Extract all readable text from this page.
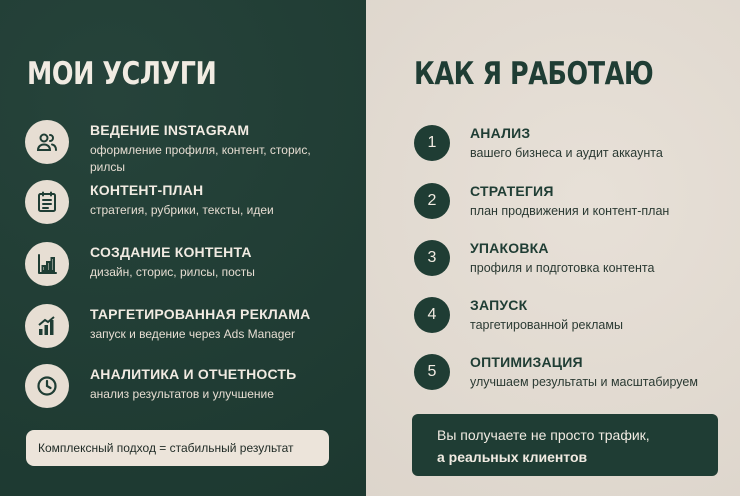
МОИ УСЛУГИ
ВЕДЕНИЕ INSTAGRAM
оформление профиля, контент, сторис, рилсы
КОНТЕНТ-ПЛАН
стратегия, рубрики, тексты, идеи
СОЗДАНИЕ КОНТЕНТА
дизайн, сторис, рилсы, посты
ТАРГЕТИРОВАННАЯ РЕКЛАМА
запуск и ведение через Ads Manager
АНАЛИТИКА И ОТЧЕТНОСТЬ
анализ результатов и улучшение
Комплексный подход = стабильный результат
КАК Я РАБОТАЮ
1
АНАЛИЗ
вашего бизнеса и аудит аккаунта
2
СТРАТЕГИЯ
план продвижения и контент-план
3
УПАКОВКА
профиля и подготовка контента
4
ЗАПУСК
таргетированной рекламы
5
ОПТИМИЗАЦИЯ
улучшаем результаты и масштабируем
Вы получаете не просто трафик,
а реальных клиентов
